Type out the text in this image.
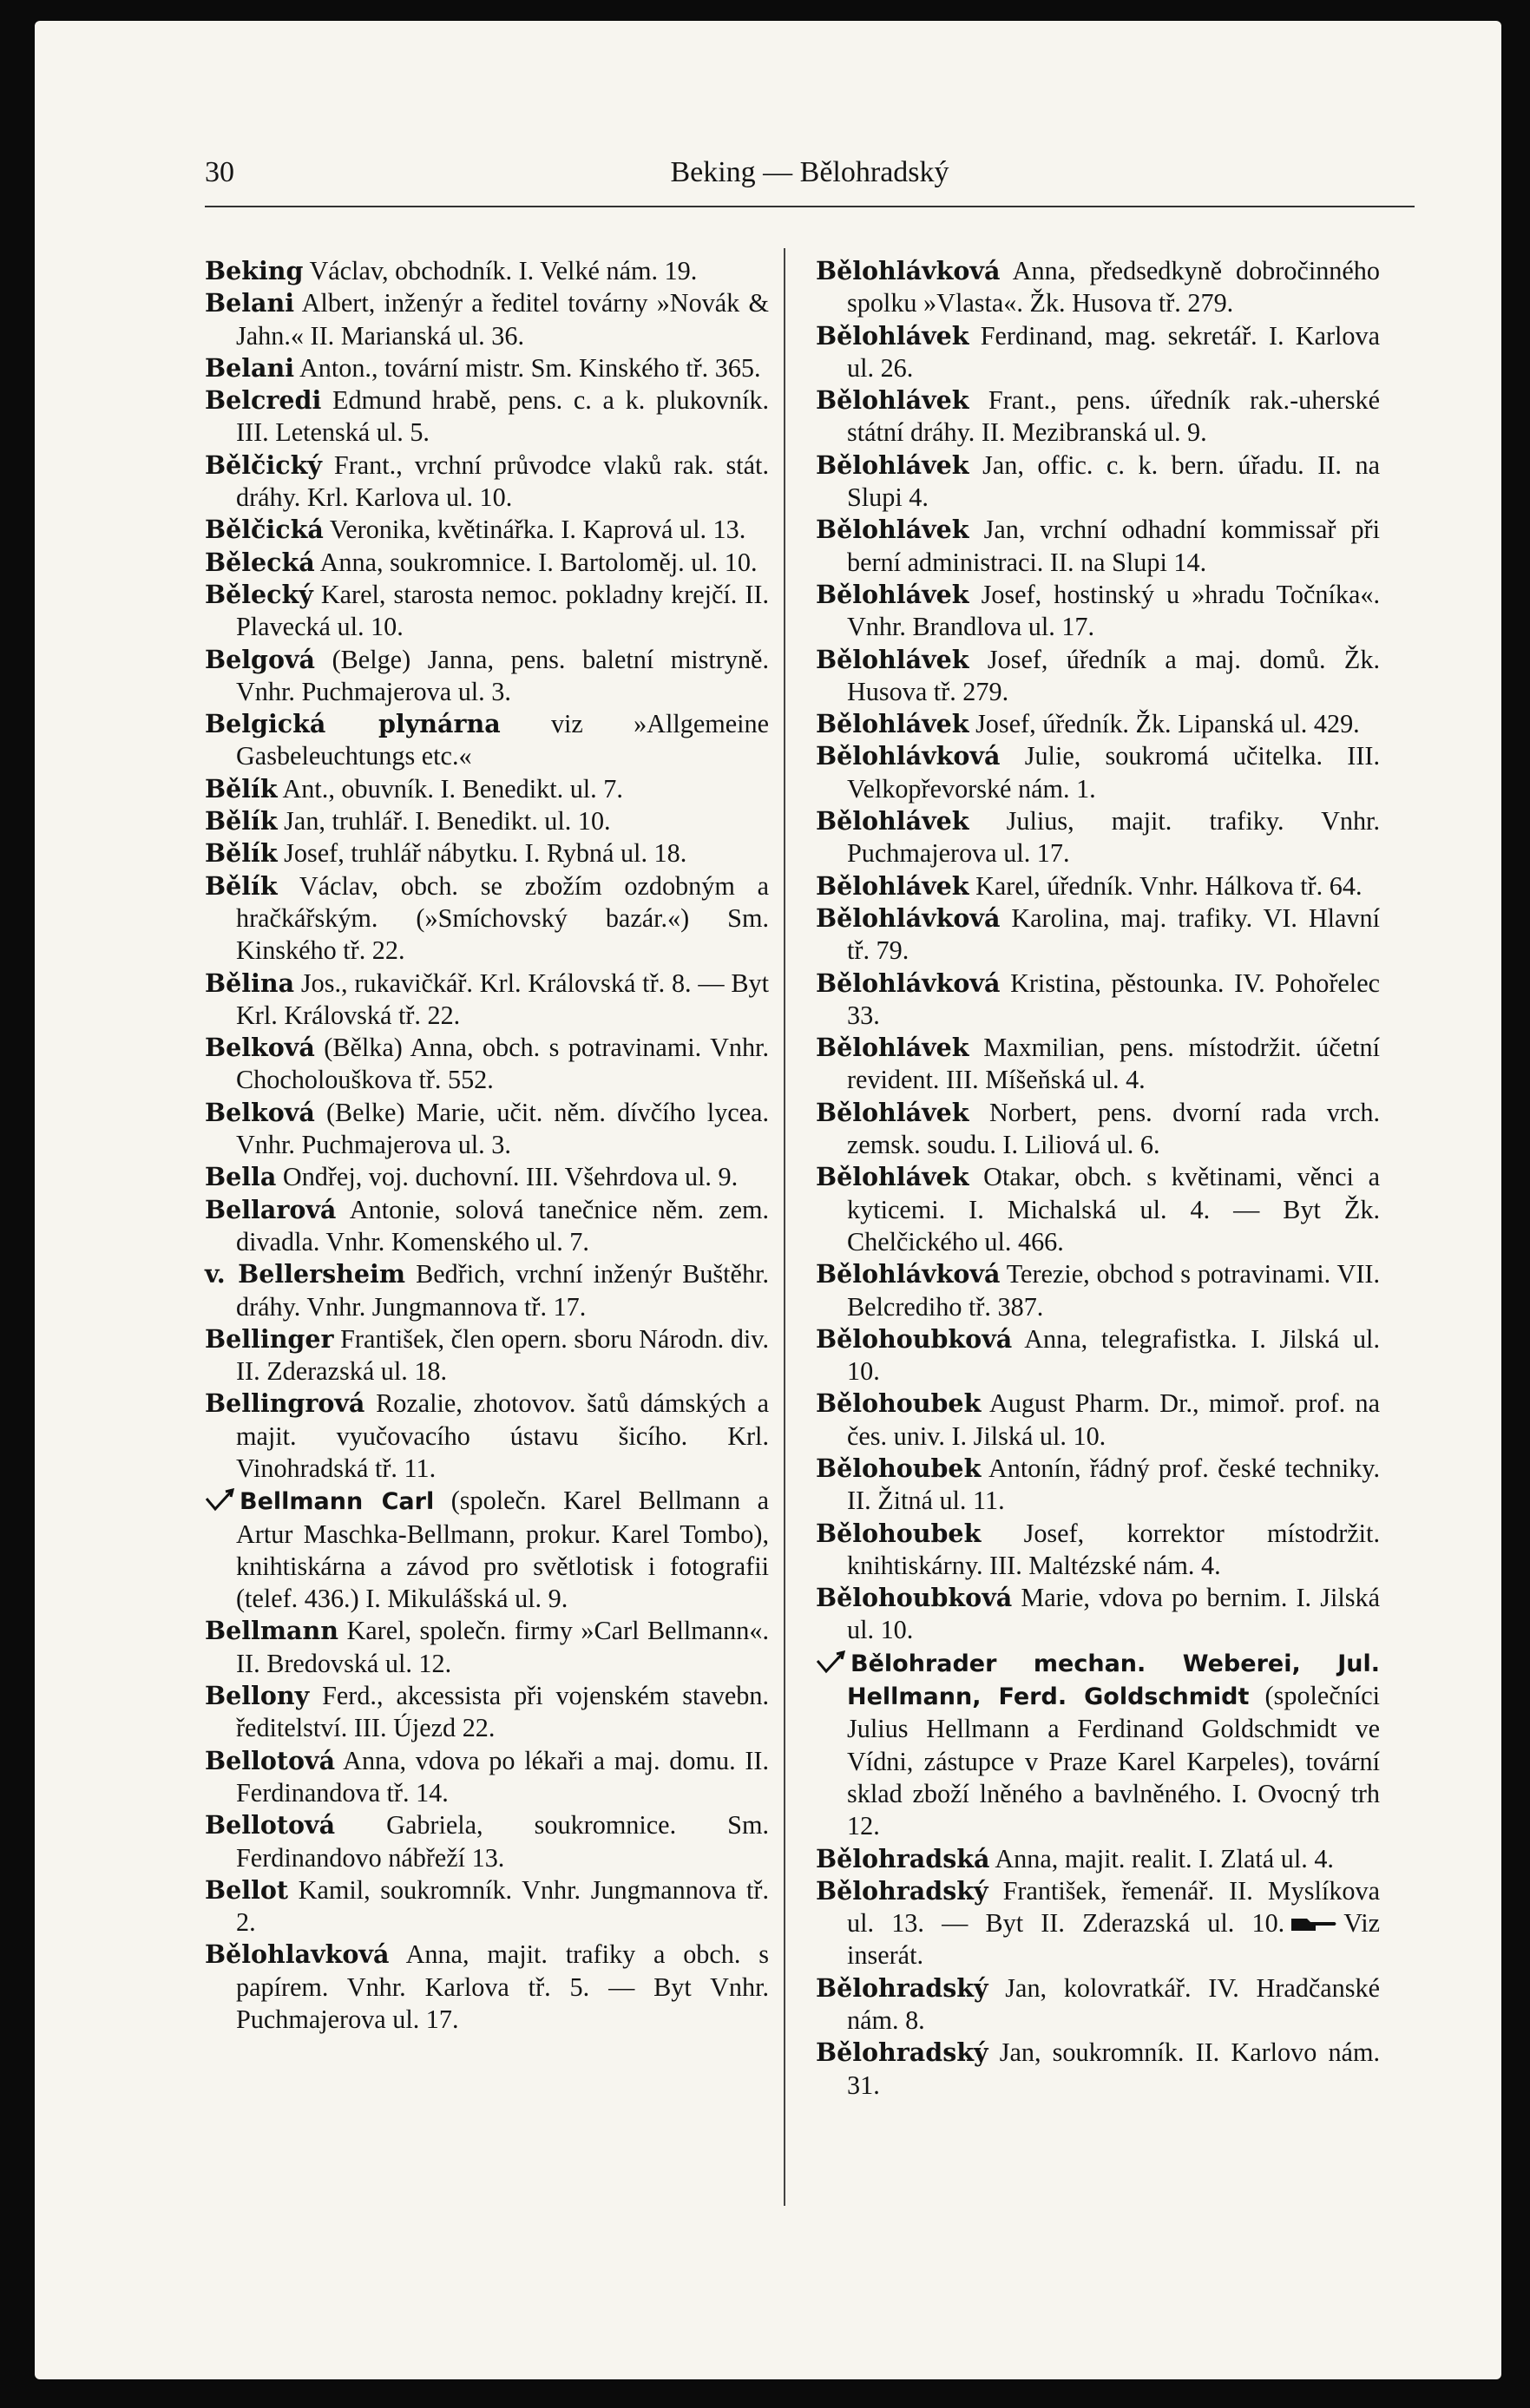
30	Beking — Bělohradský

Beking Václav, obchodník. I. Velké nám. 19.

Belani Albert, inženýr a ředitel továrny »Novák & Jahn.« II. Marianská ul. 36.

Belani Anton., tovární mistr. Sm. Kinského tř. 365.

Belcredi Edmund hrabě, pens. c. a k. plukovník. III. Letenská ul. 5.

Bělčický Frant., vrchní průvodce vlaků rak. stát. dráhy. Krl. Karlova ul. 10.

Bělčická Veronika, květinářka. I. Kaprová ul. 13.

Bělecká Anna, soukromnice. I. Bartoloměj. ul. 10.

Bělecký Karel, starosta nemoc. pokladny krejčí. II. Plavecká ul. 10.

Belgová (Belge) Janna, pens. baletní mistryně. Vnhr. Puchmajerova ul. 3.

Belgická plynárna viz »Allgemeine Gasbeleuchtungs etc.«

Bělík Ant., obuvník. I. Benedikt. ul. 7.

Bělík Jan, truhlář. I. Benedikt. ul. 10.

Bělík Josef, truhlář nábytku. I. Rybná ul. 18.

Bělík Václav, obch. se zbožím ozdobným a hračkářským. (»Smíchovský bazár.«) Sm. Kinského tř. 22.

Bělina Jos., rukavičkář. Krl. Královská tř. 8. — Byt Krl. Královská tř. 22.

Belková (Bělka) Anna, obch. s potravinami. Vnhr. Chocholouškova tř. 552.

Belková (Belke) Marie, učit. něm. dívčího lycea. Vnhr. Puchmajerova ul. 3.

Bella Ondřej, voj. duchovní. III. Všehrdova ul. 9.

Bellarová Antonie, solová tanečnice něm. zem. divadla. Vnhr. Komenského ul. 7.

v. Bellersheim Bedřich, vrchní inženýr Buštěhr. dráhy. Vnhr. Jungmannova tř. 17.

Bellinger František, člen opern. sboru Národn. div. II. Zderazská ul. 18.

Bellingrová Rozalie, zhotovov. šatů dámských a majit. vyučovacího ústavu šicího. Krl. Vinohradská tř. 11.

Bellmann Carl (společn. Karel Bellmann a Artur Maschka-Bellmann, prokur. Karel Tombo), knihtiskárna a závod pro světlotisk i fotografii (telef. 436.) I. Mikulášská ul. 9.

Bellmann Karel, společn. firmy »Carl Bellmann«. II. Bredovská ul. 12.

Bellony Ferd., akcessista při vojenském stavebn. ředitelství. III. Újezd 22.

Bellotová Anna, vdova po lékaři a maj. domu. II. Ferdinandova tř. 14.

Bellotová Gabriela, soukromnice. Sm. Ferdinandovo nábřeží 13.

Bellot Kamil, soukromník. Vnhr. Jungmannova tř. 2.

Bělohlavková Anna, majit. trafiky a obch. s papírem. Vnhr. Karlova tř. 5. — Byt Vnhr. Puchmajerova ul. 17.

Bělohlávková Anna, předsedkyně dobročinného spolku »Vlasta«. Žk. Husova tř. 279.

Bělohlávek Ferdinand, mag. sekretář. I. Karlova ul. 26.

Bělohlávek Frant., pens. úředník rak.-uherské státní dráhy. II. Mezibranská ul. 9.

Bělohlávek Jan, offic. c. k. bern. úřadu. II. na Slupi 4.

Bělohlávek Jan, vrchní odhadní kommissař při berní administraci. II. na Slupi 14.

Bělohlávek Josef, hostinský u »hradu Točníka«. Vnhr. Brandlova ul. 17.

Bělohlávek Josef, úředník a maj. domů. Žk. Husova tř. 279.

Bělohlávek Josef, úředník. Žk. Lipanská ul. 429.

Bělohlávková Julie, soukromá učitelka. III. Velkopřevorské nám. 1.

Bělohlávek Julius, majit. trafiky. Vnhr. Puchmajerova ul. 17.

Bělohlávek Karel, úředník. Vnhr. Hálkova tř. 64.

Bělohlávková Karolina, maj. trafiky. VI. Hlavní tř. 79.

Bělohlávková Kristina, pěstounka. IV. Pohořelec 33.

Bělohlávek Maxmilian, pens. místodržit. účetní revident. III. Míšeňská ul. 4.

Bělohlávek Norbert, pens. dvorní rada vrch. zemsk. soudu. I. Liliová ul. 6.

Bělohlávek Otakar, obch. s květinami, věnci a kyticemi. I. Michalská ul. 4. — Byt Žk. Chelčického ul. 466.

Bělohlávková Terezie, obchod s potravinami. VII. Belcrediho tř. 387.

Bělohoubková Anna, telegrafistka. I. Jilská ul. 10.

Bělohoubek August Pharm. Dr., mimoř. prof. na čes. univ. I. Jilská ul. 10.

Bělohoubek Antonín, řádný prof. české techniky. II. Žitná ul. 11.

Bělohoubek Josef, korrektor místodržit. knihtiskárny. III. Maltézské nám. 4.

Bělohoubková Marie, vdova po bernim. I. Jilská ul. 10.

Bělohrader mechan. Weberei, Jul. Hellmann, Ferd. Goldschmidt (společníci Julius Hellmann a Ferdinand Goldschmidt ve Vídni, zástupce v Praze Karel Karpeles), tovární sklad zboží lněného a bavlněného. I. Ovocný trh 12.

Bělohradská Anna, majit. realit. I. Zlatá ul. 4.

Bělohradský František, řemenář. II. Myslíkova ul. 13. — Byt II. Zderazská ul. 10. Viz inserát.

Bělohradský Jan, kolovratkář. IV. Hradčanské nám. 8.

Bělohradský Jan, soukromník. II. Karlovo nám. 31.
